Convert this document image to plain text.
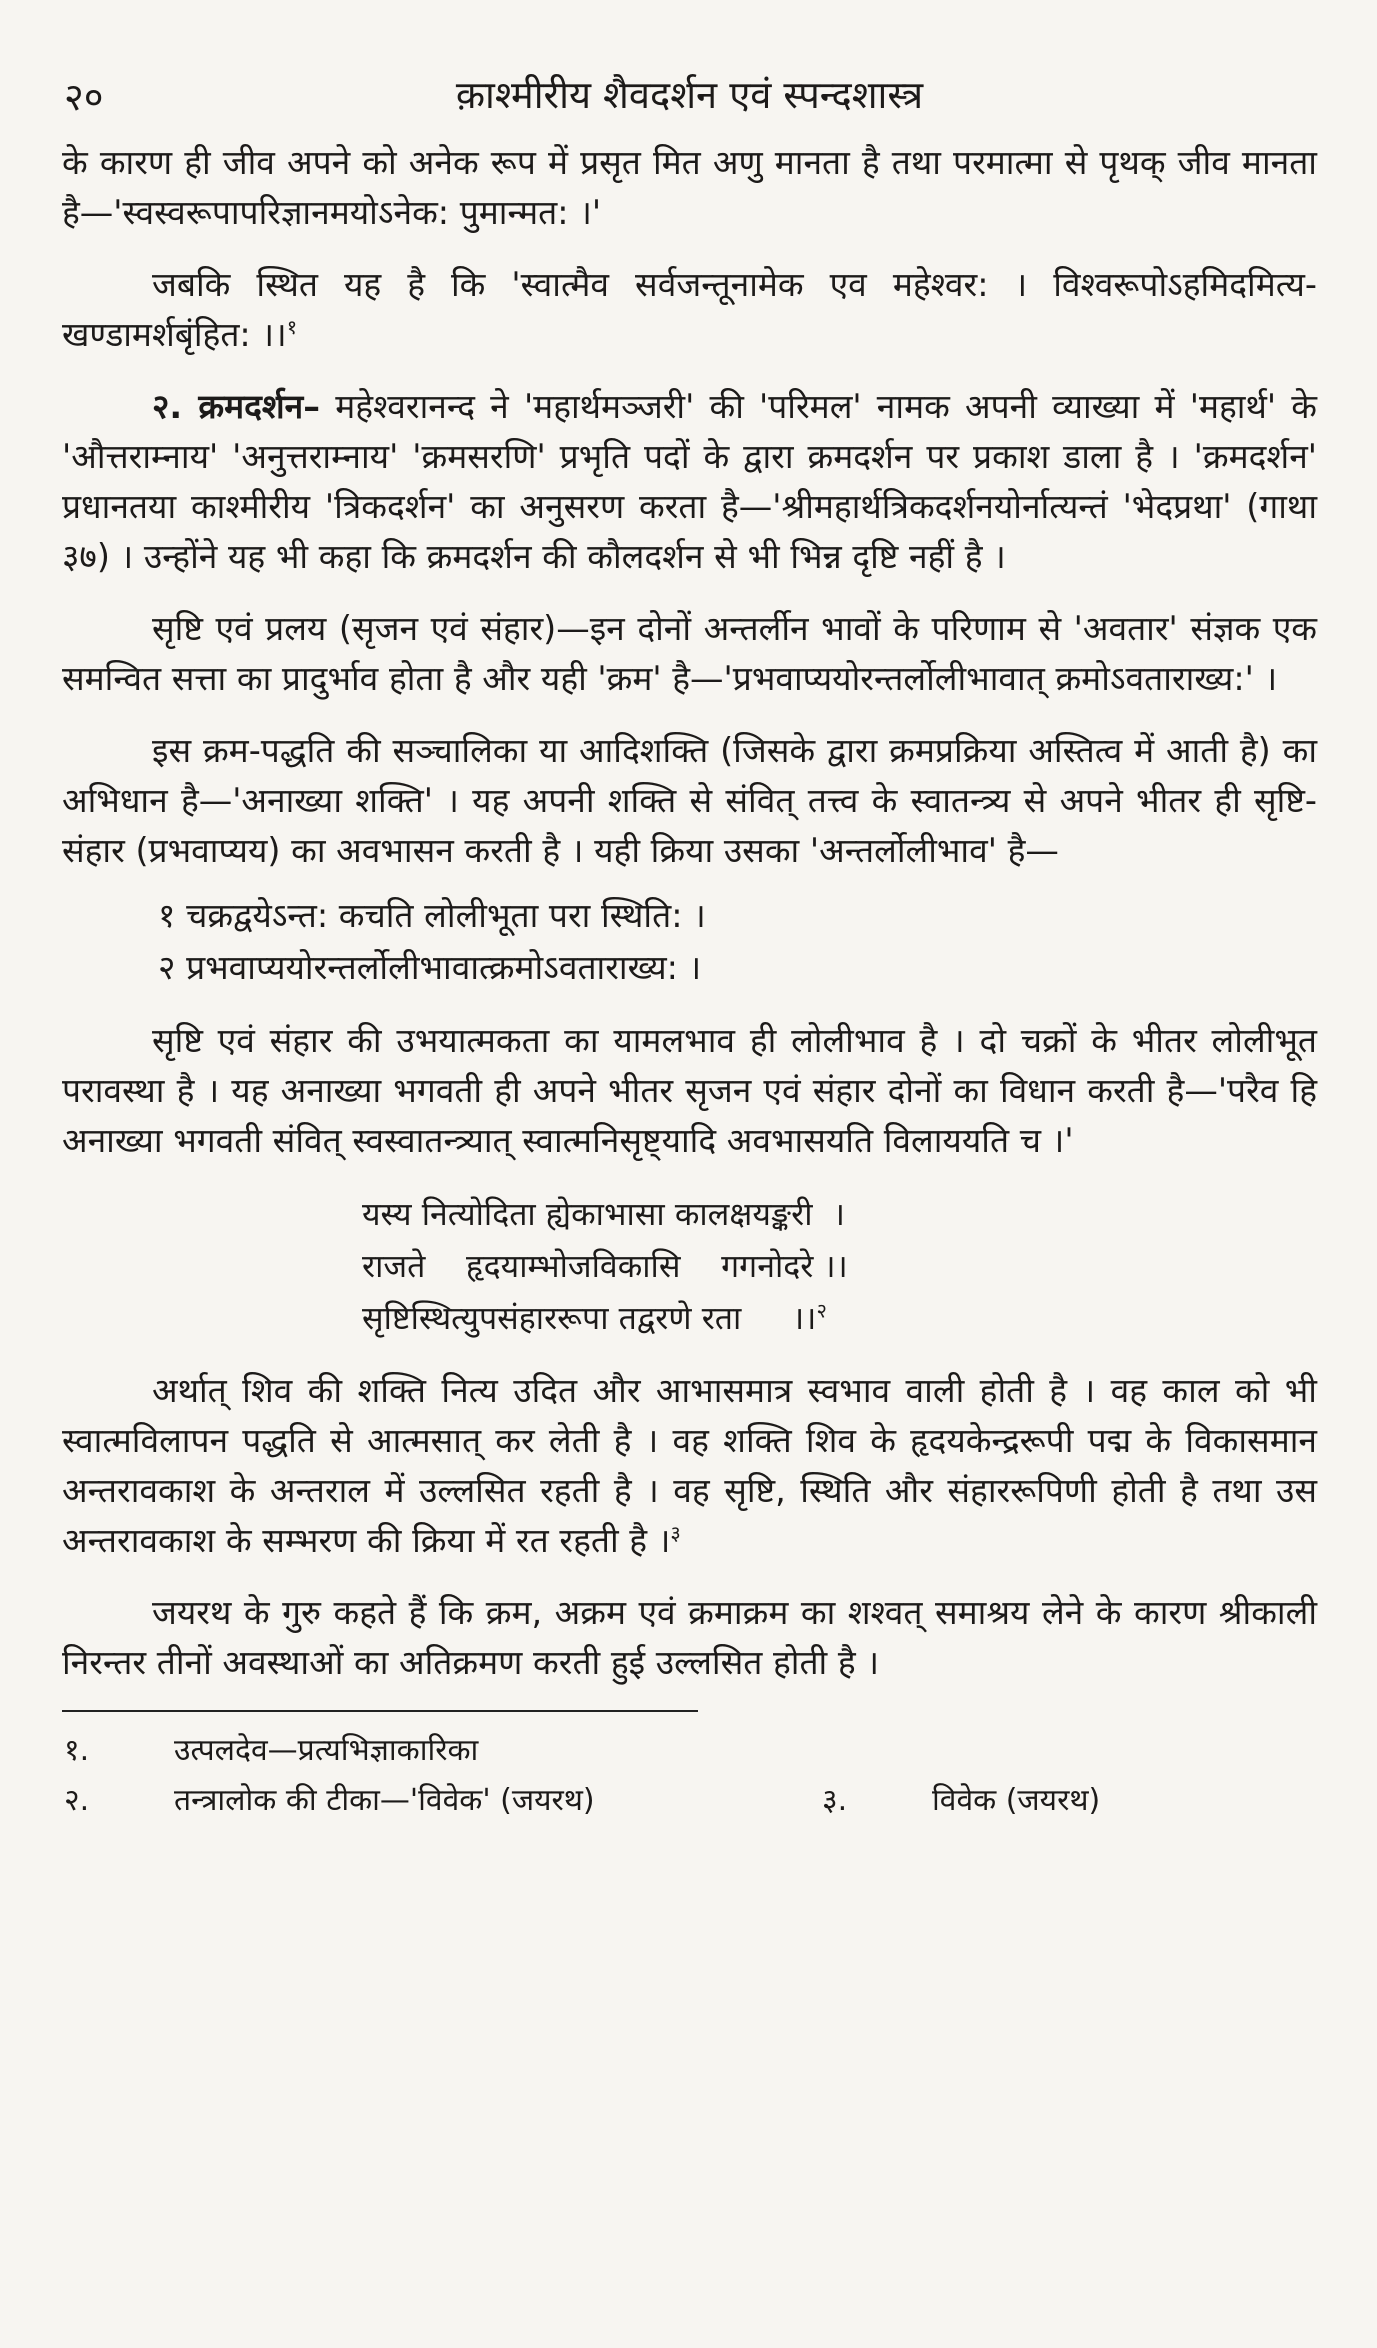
२०	क़ाश्मीरीय शैवदर्शन एवं स्पन्दशास्त्र

के कारण ही जीव अपने को अनेक रूप में प्रसृत मित अणु मानता है तथा परमात्मा से पृथक् जीव मानता है—'स्वस्वरूपापरिज्ञानमयोऽनेक: पुमान्मत: ।'

जबकि स्थित यह है कि 'स्वात्मैव सर्वजन्तूनामेक एव महेश्वर: । विश्वरूपोऽहमिदमित्य-खण्डामर्शबृंहित: ।।$^१$

२. क्रमदर्शन– महेश्वरानन्द ने 'महार्थमञ्जरी' की 'परिमल' नामक अपनी व्याख्या में 'महार्थ' के 'औत्तराम्नाय' 'अनुत्तराम्नाय' 'क्रमसरणि' प्रभृति पदों के द्वारा क्रमदर्शन पर प्रकाश डाला है । 'क्रमदर्शन' प्रधानतया काश्मीरीय 'त्रिकदर्शन' का अनुसरण करता है—'श्रीमहार्थत्रिकदर्शनयोर्नात्यन्तं 'भेदप्रथा' (गाथा ३७) । उन्होंने यह भी कहा कि क्रमदर्शन की कौलदर्शन से भी भिन्न दृष्टि नहीं है ।

सृष्टि एवं प्रलय (सृजन एवं संहार)—इन दोनों अन्तर्लीन भावों के परिणाम से 'अवतार' संज्ञक एक समन्वित सत्ता का प्रादुर्भाव होता है और यही 'क्रम' है—'प्रभवाप्ययोरन्तर्लोलीभावात् क्रमोऽवताराख्य:' ।

इस क्रम-पद्धति की सञ्चालिका या आदिशक्ति (जिसके द्वारा क्रमप्रक्रिया अस्तित्व में आती है) का अभिधान है—'अनाख्या शक्ति' । यह अपनी शक्ति से संवित् तत्त्व के स्वातन्त्र्य से अपने भीतर ही सृष्टि-संहार (प्रभवाप्यय) का अवभासन करती है । यही क्रिया उसका 'अन्तर्लोलीभाव' है—

१ चक्रद्वयेऽन्त: कचति लोलीभूता परा स्थिति: ।
२ प्रभवाप्ययोरन्तर्लोलीभावात्क्रमोऽवताराख्य: ।

सृष्टि एवं संहार की उभयात्मकता का यामलभाव ही लोलीभाव है । दो चक्रों के भीतर लोलीभूत परावस्था है । यह अनाख्या भगवती ही अपने भीतर सृजन एवं संहार दोनों का विधान करती है—'परैव हि अनाख्या भगवती संवित् स्वस्वातन्त्र्यात् स्वात्मनिसृष्ट्यादि अवभासयति विलाययति च ।'

यस्य नित्योदिता ह्येकाभासा कालक्षयङ्करी  ।
राजते    हृदयाम्भोजविकासि    गगनोदरे ।।
सृष्टिस्थित्युपसंहाररूपा तद्वरणे रता     ।।$^२$

अर्थात् शिव की शक्ति नित्य उदित और आभासमात्र स्वभाव वाली होती है । वह काल को भी स्वात्मविलापन पद्धति से आत्मसात् कर लेती है । वह शक्ति शिव के हृदयकेन्द्ररूपी पद्म के विकासमान अन्तरावकाश के अन्तराल में उल्लसित रहती है । वह सृष्टि, स्थिति और संहाररूपिणी होती है तथा उस अन्तरावकाश के सम्भरण की क्रिया में रत रहती है ।$^३$

जयरथ के गुरु कहते हैं कि क्रम, अक्रम एवं क्रमाक्रम का शश्वत् समाश्रय लेने के कारण श्रीकाली निरन्तर तीनों अवस्थाओं का अतिक्रमण करती हुई उल्लसित होती है ।

१.	उत्पलदेव—प्रत्यभिज्ञाकारिका
२.	तन्त्रालोक की टीका—'विवेक' (जयरथ)	३.	विवेक (जयरथ)
